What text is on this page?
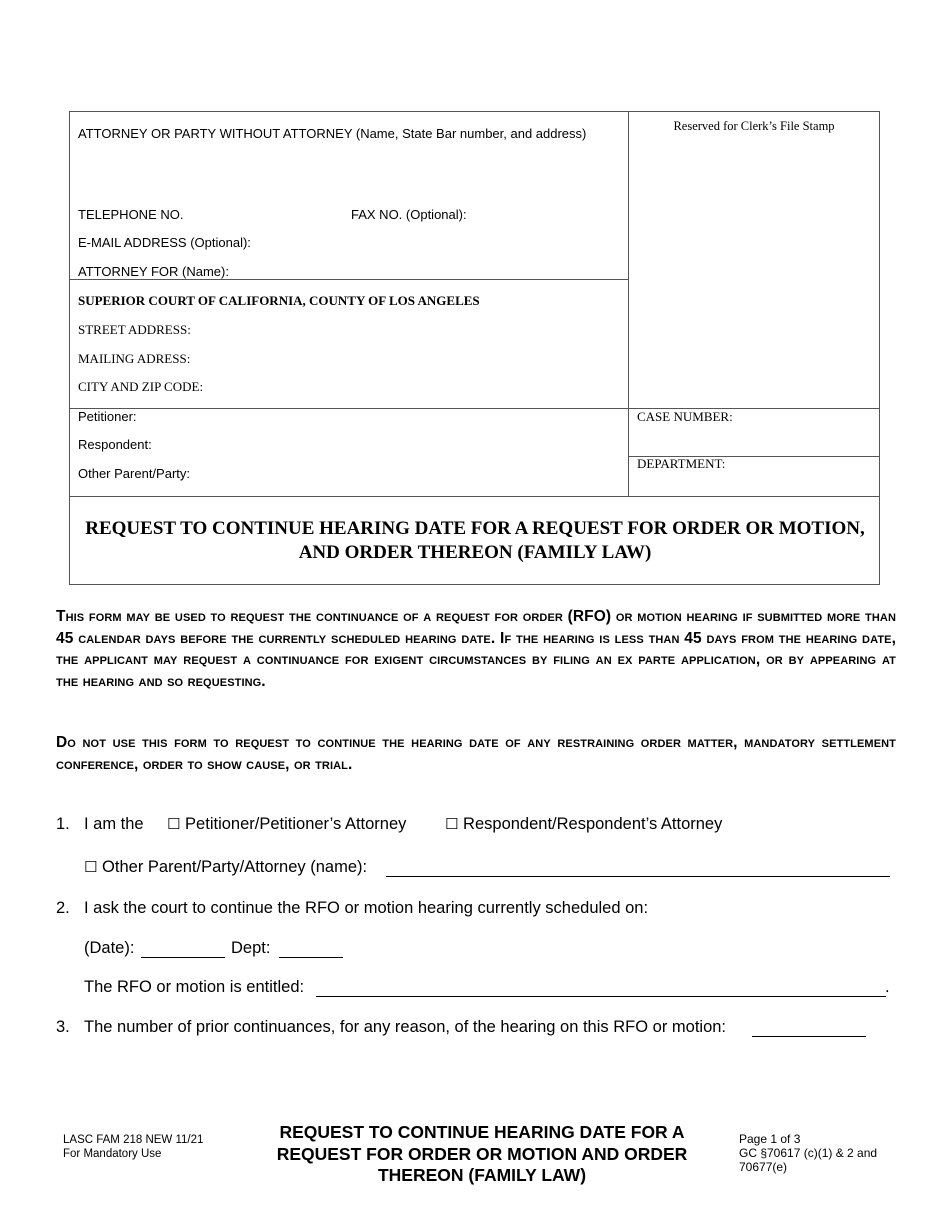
ATTORNEY OR PARTY WITHOUT ATTORNEY (Name, State Bar number, and address)
TELEPHONE NO.	FAX NO. (Optional):
E-MAIL ADDRESS (Optional):
ATTORNEY FOR (Name):
Reserved for Clerk’s File Stamp
SUPERIOR COURT OF CALIFORNIA, COUNTY OF LOS ANGELES
STREET ADDRESS:
MAILING ADRESS:
CITY AND ZIP CODE:
Petitioner:
Respondent:
Other Parent/Party:
CASE NUMBER:
DEPARTMENT:
REQUEST TO CONTINUE HEARING DATE FOR A REQUEST FOR ORDER OR MOTION,
AND ORDER THEREON (FAMILY LAW)
This form may be used to request the continuance of a request for order (RFO) or motion hearing if submitted more than 45 calendar days before the currently scheduled hearing date. If the hearing is less than 45 days from the hearing date, the applicant may request a continuance for exigent circumstances by filing an ex parte application, or by appearing at the hearing and so requesting.
Do not use this form to request to continue the hearing date of any restraining order matter, mandatory settlement conference, order to show cause, or trial.
1. I am the ☐ Petitioner/Petitioner’s Attorney	☐ Respondent/Respondent’s Attorney
☐ Other Parent/Party/Attorney (name):
2. I ask the court to continue the RFO or motion hearing currently scheduled on:
(Date):	Dept:
The RFO or motion is entitled:	.
3. The number of prior continuances, for any reason, of the hearing on this RFO or motion:
LASC FAM 218 NEW 11/21
For Mandatory Use
REQUEST TO CONTINUE HEARING DATE FOR A
REQUEST FOR ORDER OR MOTION AND ORDER
THEREON (FAMILY LAW)
Page 1 of 3
GC §70617 (c)(1) & 2 and
70677(e)
